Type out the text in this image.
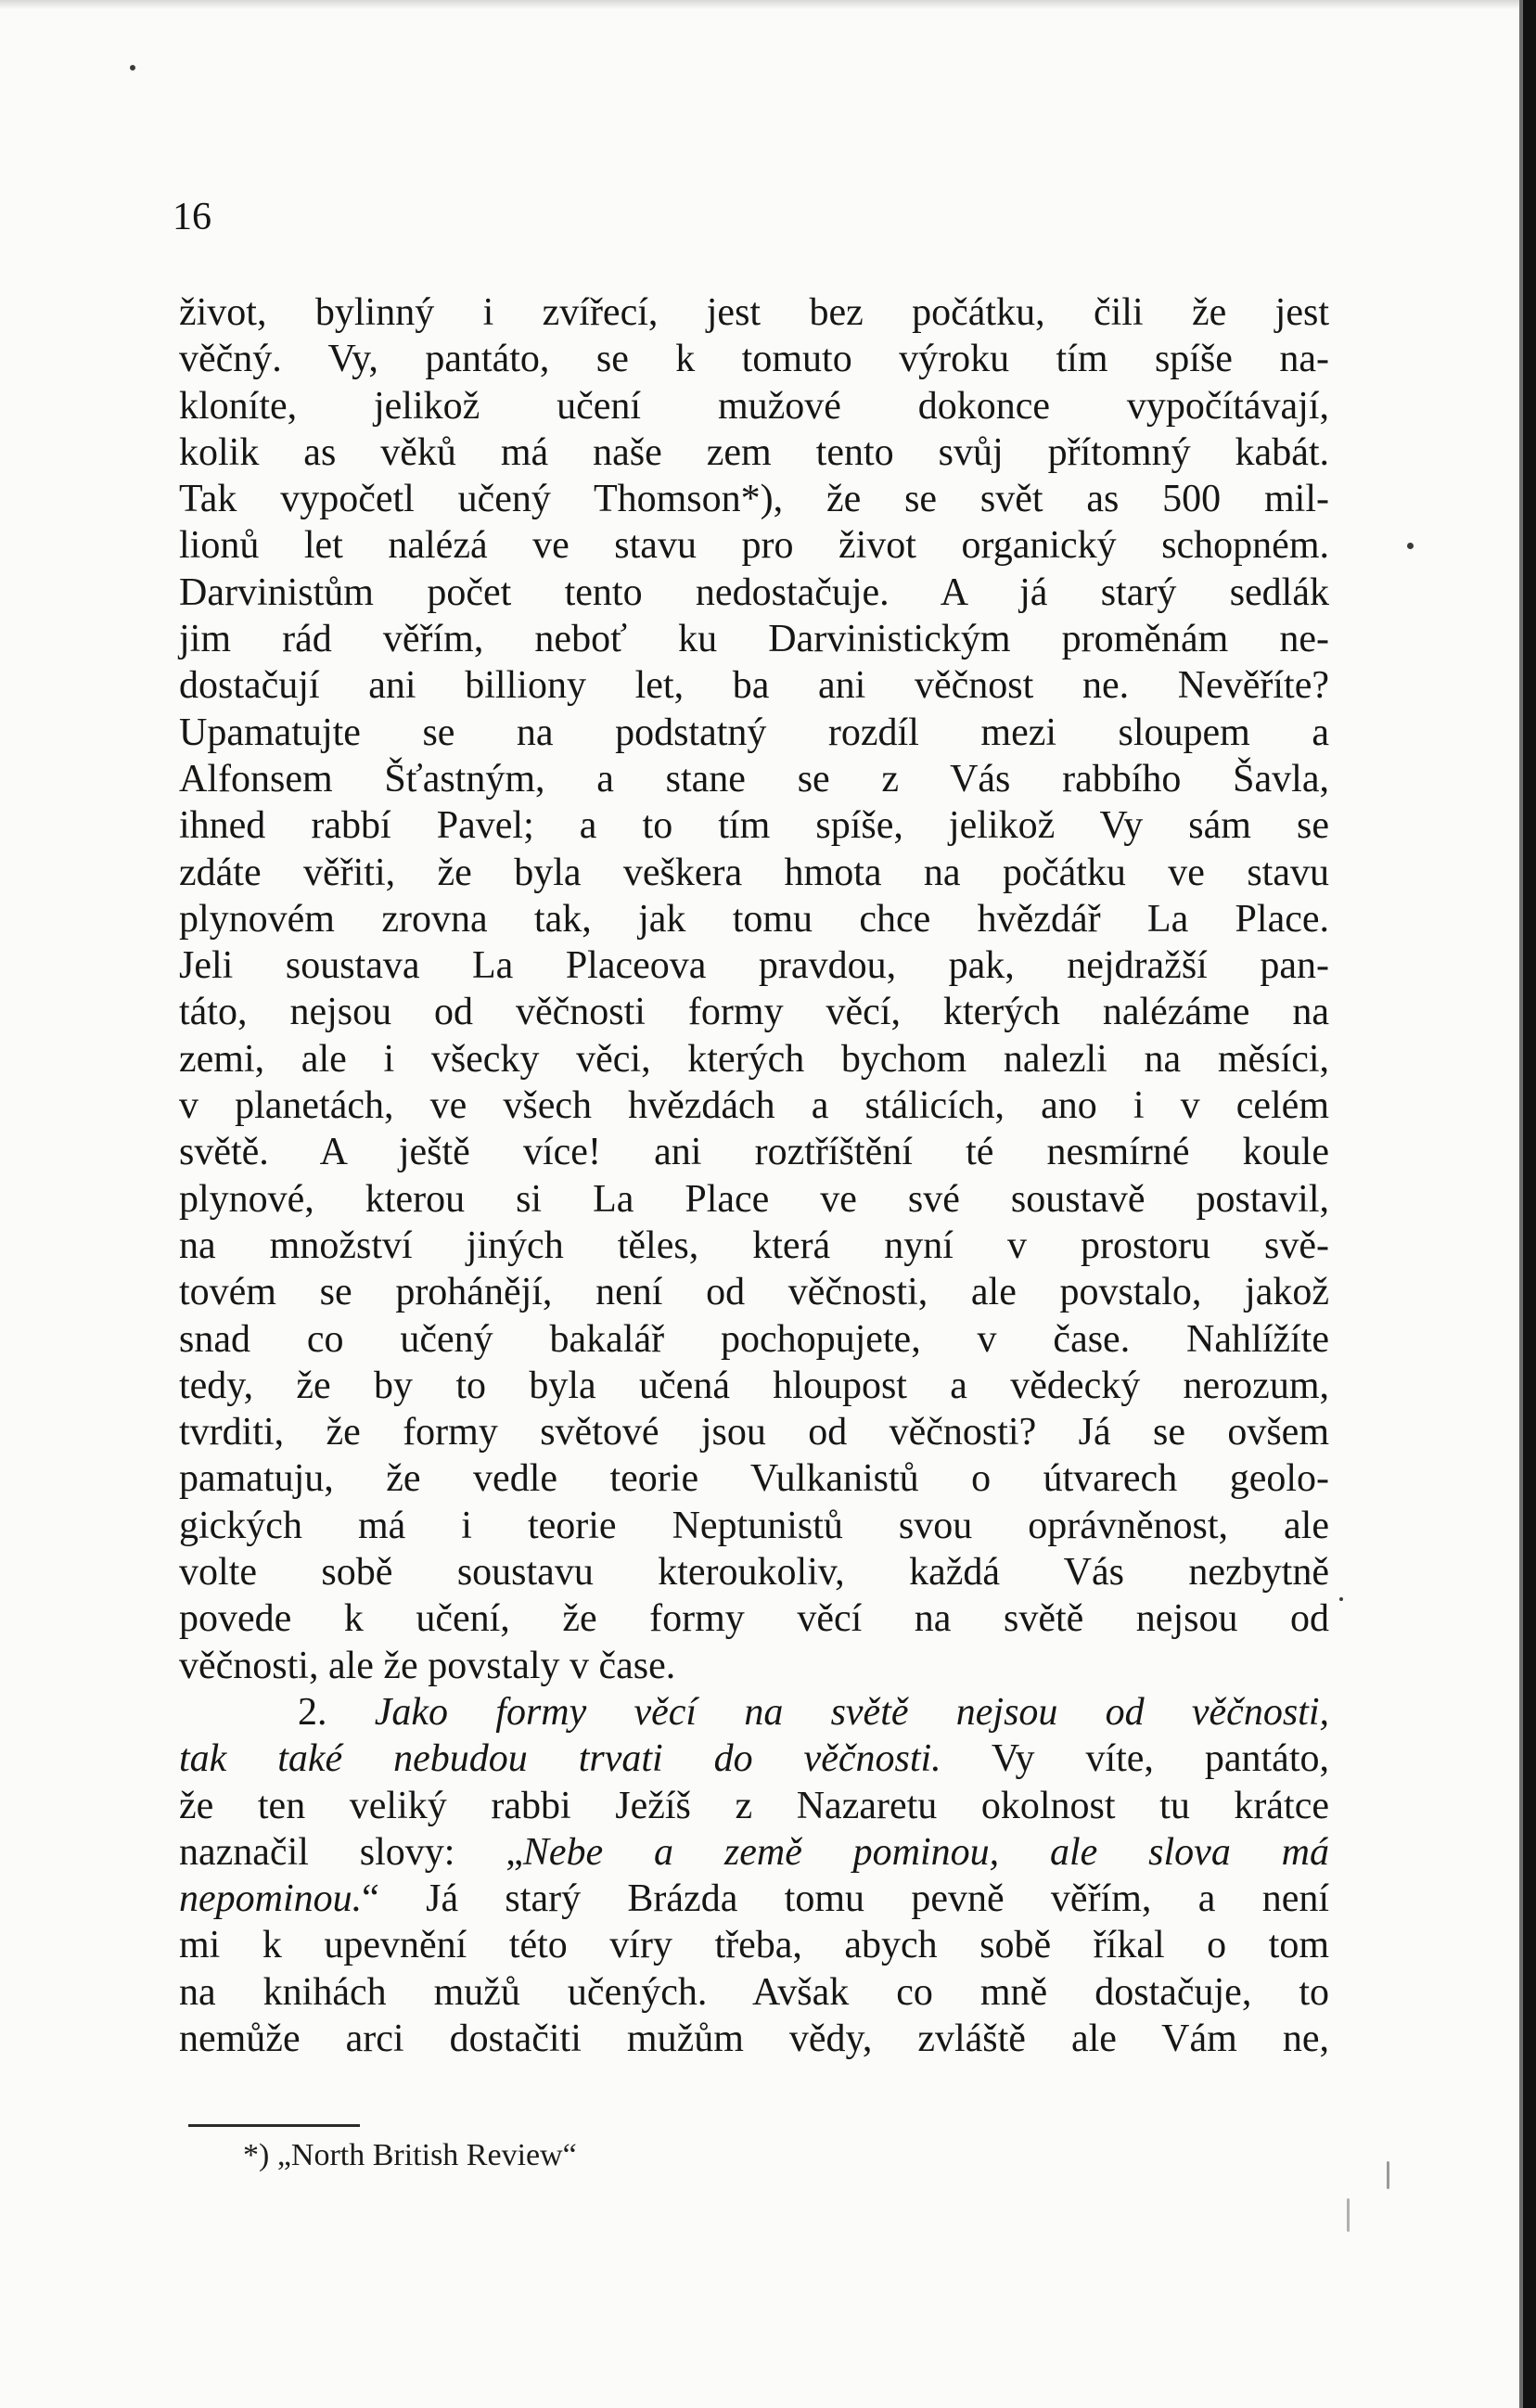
16
život, bylinný i zvířecí, jest bez počátku, čili že jest
věčný. Vy, pantáto, se k tomuto výroku tím spíše na-
kloníte, jelikož učení mužové dokonce vypočítávají,
kolik as věků má naše zem tento svůj přítomný kabát.
Tak vypočetl učený Thomson*), že se svět as 500 mil-
lionů let nalézá ve stavu pro život organický schopném.
Darvinistům počet tento nedostačuje. A já starý sedlák
jim rád věřím, neboť ku Darvinistickým proměnám ne-
dostačují ani billiony let, ba ani věčnost ne. Nevěříte?
Upamatujte se na podstatný rozdíl mezi sloupem a
Alfonsem Šťastným, a stane se z Vás rabbího Šavla,
ihned rabbí Pavel; a to tím spíše, jelikož Vy sám se
zdáte věřiti, že byla veškera hmota na počátku ve stavu
plynovém zrovna tak, jak tomu chce hvězdář La Place.
Jeli soustava La Placeova pravdou, pak, nejdražší pan-
táto, nejsou od věčnosti formy věcí, kterých nalézáme na
zemi, ale i všecky věci, kterých bychom nalezli na měsíci,
v planetách, ve všech hvězdách a stálicích, ano i v celém
světě. A ještě více! ani roztříštění té nesmírné koule
plynové, kterou si La Place ve své soustavě postavil,
na množství jiných těles, která nyní v prostoru svě-
tovém se prohánějí, není od věčnosti, ale povstalo, jakož
snad co učený bakalář pochopujete, v čase. Nahlížíte
tedy, že by to byla učená hloupost a vědecký nerozum,
tvrditi, že formy světové jsou od věčnosti? Já se ovšem
pamatuju, že vedle teorie Vulkanistů o útvarech geolo-
gických má i teorie Neptunistů svou oprávněnost, ale
volte sobě soustavu kteroukoliv, každá Vás nezbytně
povede k učení, že formy věcí na světě nejsou od
věčnosti, ale že povstaly v čase.
2. Jako formy věcí na světě nejsou od věčnosti,
tak také nebudou trvati do věčnosti. Vy víte, pantáto,
že ten veliký rabbi Ježíš z Nazaretu okolnost tu krátce
naznačil slovy: „Nebe a země pominou, ale slova má
nepominou.“ Já starý Brázda tomu pevně věřím, a není
mi k upevnění této víry třeba, abych sobě říkal o tom
na knihách mužů učených. Avšak co mně dostačuje, to
nemůže arci dostačiti mužům vědy, zvláště ale Vám ne,
*) „North British Review“
